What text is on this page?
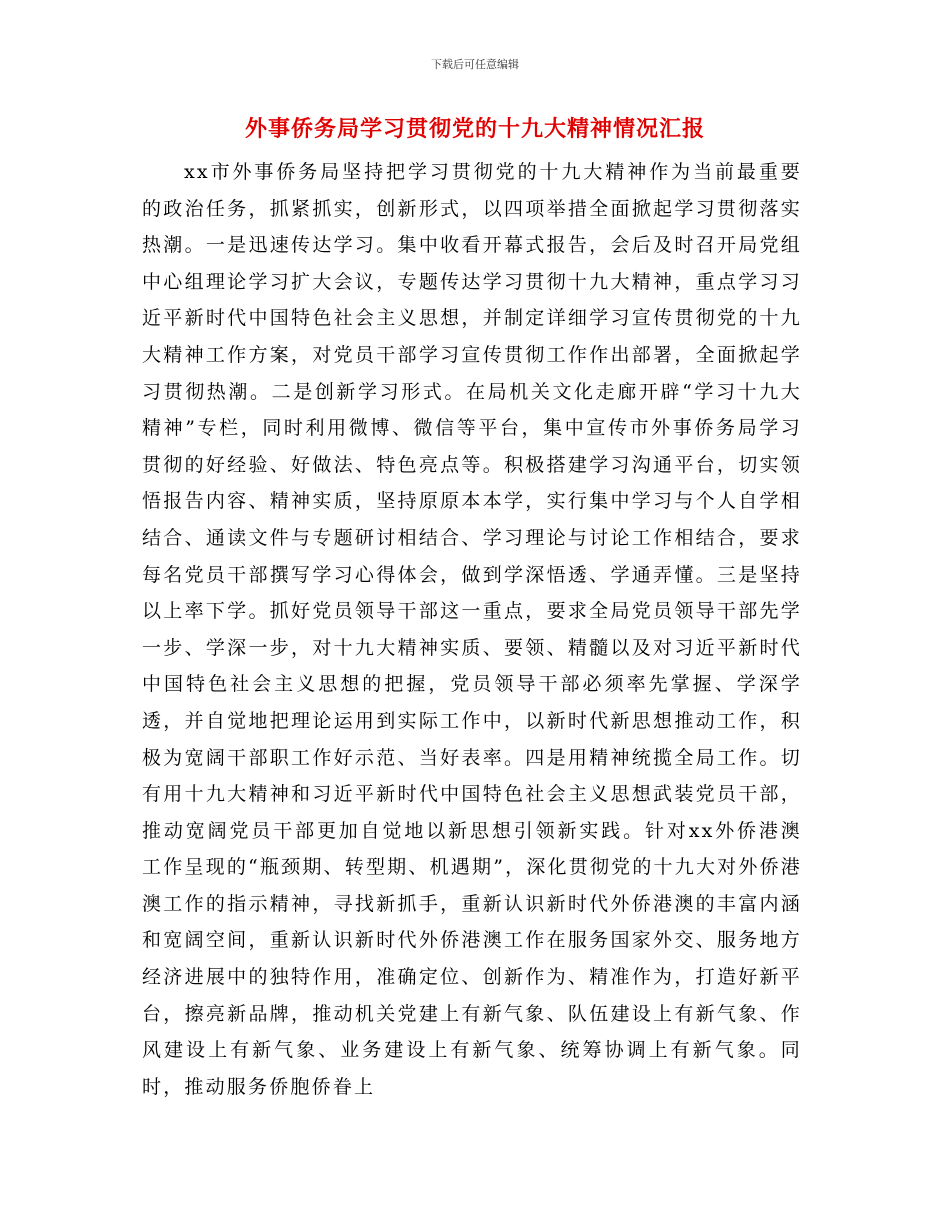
下载后可任意编辑
外事侨务局学习贯彻党的十九大精神情况汇报

xx市外事侨务局坚持把学习贯彻党的十九大精神作为当前最重要的政治任务，抓紧抓实，创新形式，以四项举措全面掀起学习贯彻落实热潮。一是迅速传达学习。集中收看开幕式报告，会后及时召开局党组中心组理论学习扩大会议，专题传达学习贯彻十九大精神，重点学习习近平新时代中国特色社会主义思想，并制定详细学习宣传贯彻党的十九大精神工作方案，对党员干部学习宣传贯彻工作作出部署，全面掀起学习贯彻热潮。二是创新学习形式。在局机关文化走廊开辟“学习十九大精神”专栏，同时利用微博、微信等平台，集中宣传市外事侨务局学习贯彻的好经验、好做法、特色亮点等。积极搭建学习沟通平台，切实领悟报告内容、精神实质，坚持原原本本学，实行集中学习与个人自学相结合、通读文件与专题研讨相结合、学习理论与讨论工作相结合，要求每名党员干部撰写学习心得体会，做到学深悟透、学通弄懂。三是坚持以上率下学。抓好党员领导干部这一重点，要求全局党员领导干部先学一步、学深一步，对十九大精神实质、要领、精髓以及对习近平新时代中国特色社会主义思想的把握，党员领导干部必须率先掌握、学深学透，并自觉地把理论运用到实际工作中，以新时代新思想推动工作，积极为宽阔干部职工作好示范、当好表率。四是用精神统揽全局工作。切有用十九大精神和习近平新时代中国特色社会主义思想武装党员干部，推动宽阔党员干部更加自觉地以新思想引领新实践。针对xx外侨港澳工作呈现的“瓶颈期、转型期、机遇期”，深化贯彻党的十九大对外侨港澳工作的指示精神，寻找新抓手，重新认识新时代外侨港澳的丰富内涵和宽阔空间，重新认识新时代外侨港澳工作在服务国家外交、服务地方经济进展中的独特作用，准确定位、创新作为、精准作为，打造好新平台，擦亮新品牌，推动机关党建上有新气象、队伍建设上有新气象、作风建设上有新气象、业务建设上有新气象、统筹协调上有新气象。同时，推动服务侨胞侨眷上
